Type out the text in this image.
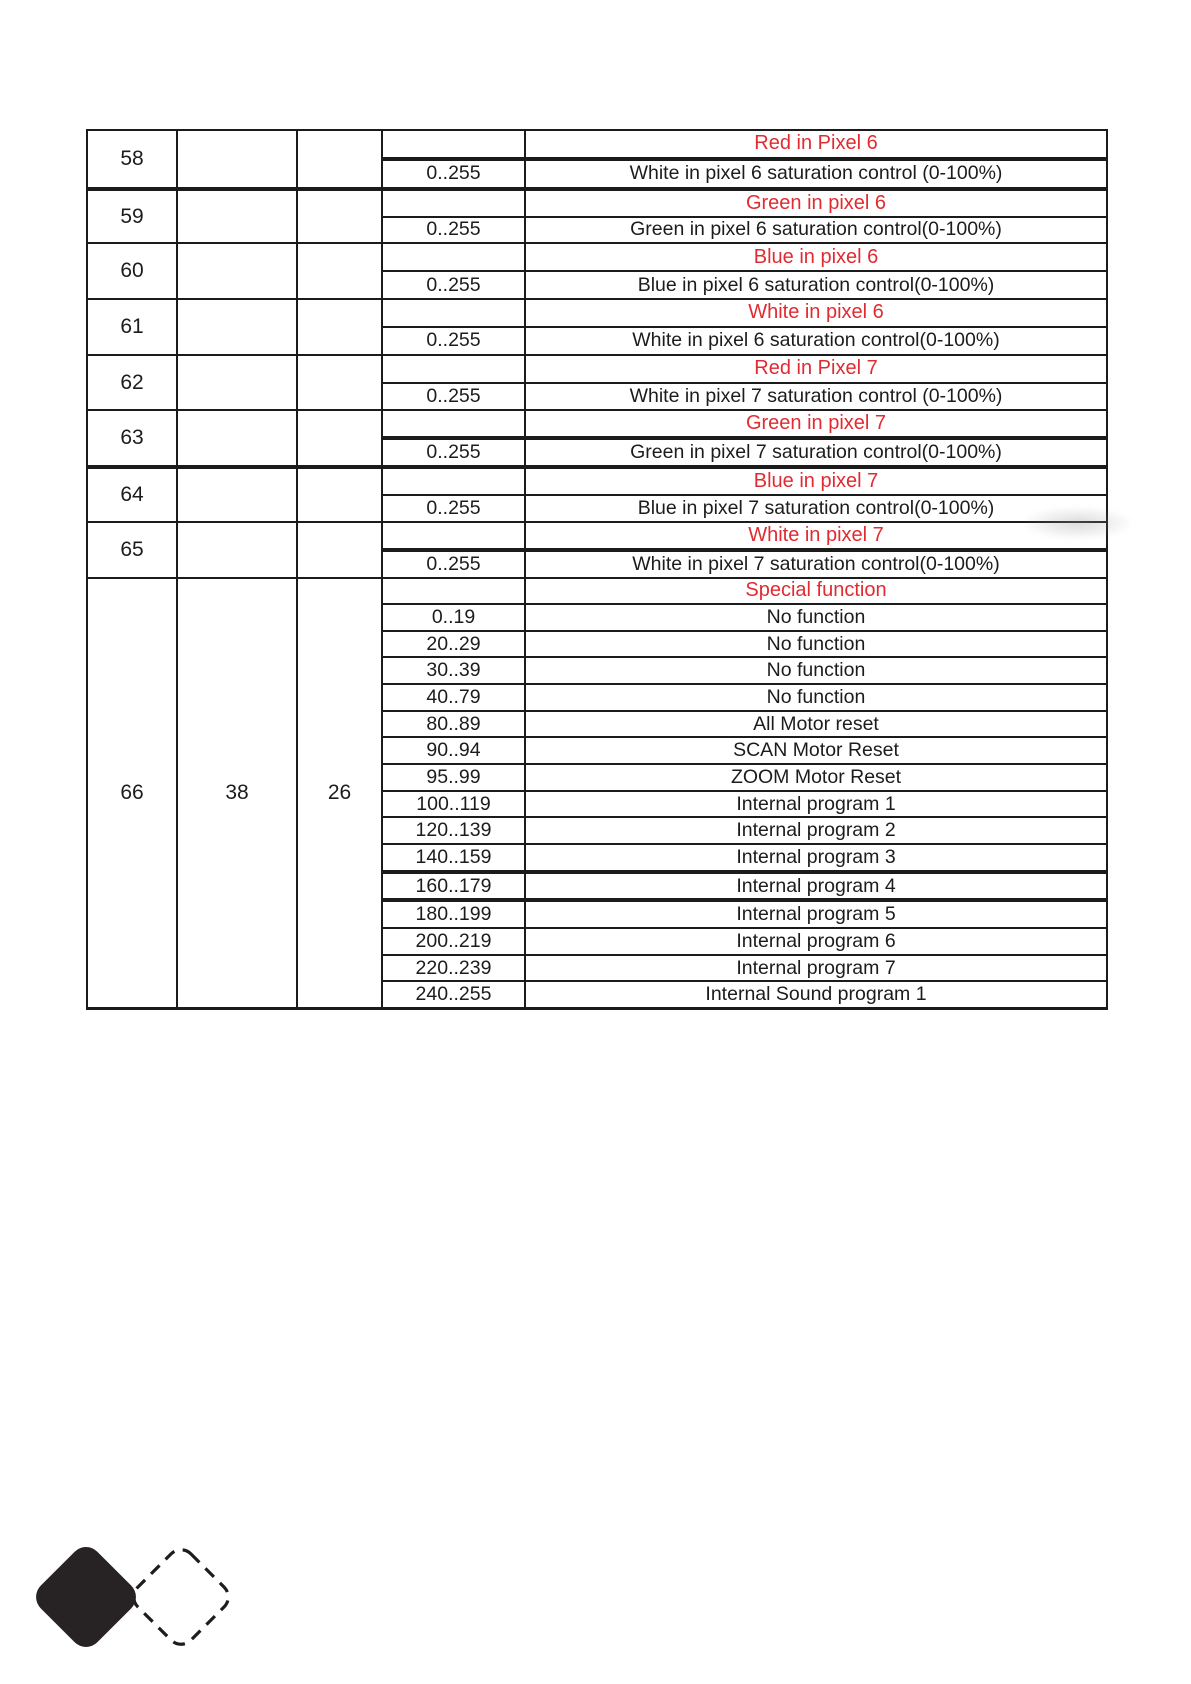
58
Red in Pixel 6
0..255	White in pixel 6 saturation control (0-100%)
59
Green in pixel 6
0..255	Green in pixel 6 saturation control(0-100%)
60
Blue in pixel 6
0..255	Blue in pixel 6 saturation control(0-100%)
61
White in pixel 6
0..255	White in pixel 6 saturation control(0-100%)
62
Red in Pixel 7
0..255	White in pixel 7 saturation control (0-100%)
63
Green in pixel 7
0..255	Green in pixel 7 saturation control(0-100%)
64
Blue in pixel 7
0..255	Blue in pixel 7 saturation control(0-100%)
65
White in pixel 7
0..255	White in pixel 7 saturation control(0-100%)
66	38	26
Special function
0..19	No function
20..29	No function
30..39	No function
40..79	No function
80..89	All Motor reset
90..94	SCAN Motor Reset
95..99	ZOOM Motor Reset
100..119	Internal program 1
120..139	Internal program 2
140..159	Internal program 3
160..179	Internal program 4
180..199	Internal program 5
200..219	Internal program 6
220..239	Internal program 7
240..255	Internal Sound program 1
